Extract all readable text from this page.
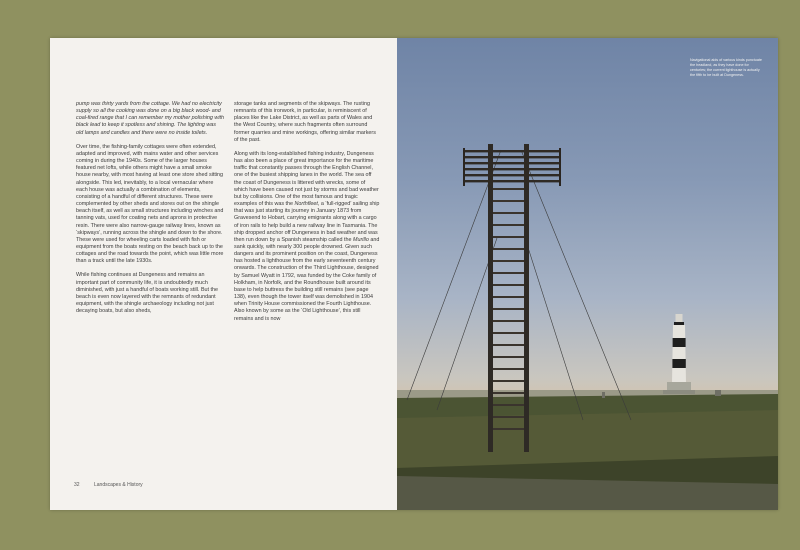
pump was thirty yards from the cottage. We had no electricity supply so all the cooking was done on a big black wood- and coal-fired range that I can remember my mother polishing with black lead to keep it spotless and shining. The lighting was old lamps and candles and there were no inside toilets.

Over time, the fishing-family cottages were often extended, adapted and improved, with mains water and other services coming in during the 1940s. Some of the larger houses featured net lofts, while others might have a small smoke house nearby, with most having at least one store shed sitting alongside. This led, inevitably, to a local vernacular where each house was actually a combination of elements, consisting of a handful of different structures. These were complemented by other sheds and stores out on the shingle beach itself, as well as small structures including winches and tanning vats, used for coating nets and aprons in protective resin. There were also narrow-gauge railway lines, known as ‘skipways’, running across the shingle and down to the shore. These were used for wheeling carts loaded with fish or equipment from the boats resting on the beach back up to the cottages and the road towards the point, which was little more than a track until the late 1930s.

While fishing continues at Dungeness and remains an important part of community life, it is undoubtedly much diminished, with just a handful of boats working still. But the beach is even now layered with the remnants of redundant equipment, with the shingle archaeology including not just decaying boats, but also sheds,

storage tanks and segments of the skipways. The rusting remnants of this ironwork, in particular, is reminiscent of places like the Lake District, as well as parts of Wales and the West Country, where such fragments often surround former quarries and mine workings, offering similar markers of the past.

Along with its long-established fishing industry, Dungeness has also been a place of great importance for the maritime traffic that constantly passes through the English Channel, one of the busiest shipping lanes in the world. The sea off the coast of Dungeness is littered with wrecks, some of which have been caused not just by storms and bad weather but by collisions. One of the most famous and tragic examples of this was the Northfleet, a ‘full-rigged’ sailing ship that was just starting its journey in January 1873 from Gravesend to Hobart, carrying emigrants along with a cargo of iron rails to help build a new railway line in Tasmania. The ship dropped anchor off Dungeness in bad weather and was then run down by a Spanish steamship called the Murillo and sank quickly, with nearly 300 people drowned. Given such dangers and its prominent position on the coast, Dungeness has hosted a lighthouse from the early seventeenth century onwards. The construction of the Third Lighthouse, designed by Samuel Wyatt in 1792, was funded by the Coke family of Holkham, in Norfolk, and the Roundhouse built around its base to help buttress the building still remains (see page 138), even though the tower itself was demolished in 1904 when Trinity House commissioned the Fourth Lighthouse. Also known by some as the ‘Old Lighthouse’, this still remains and is now

32	Landscapes & History
Navigational aids of various kinds punctuate the headland, as they have done for centuries; the current lighthouse is actually the fifth to be built at Dungeness.
